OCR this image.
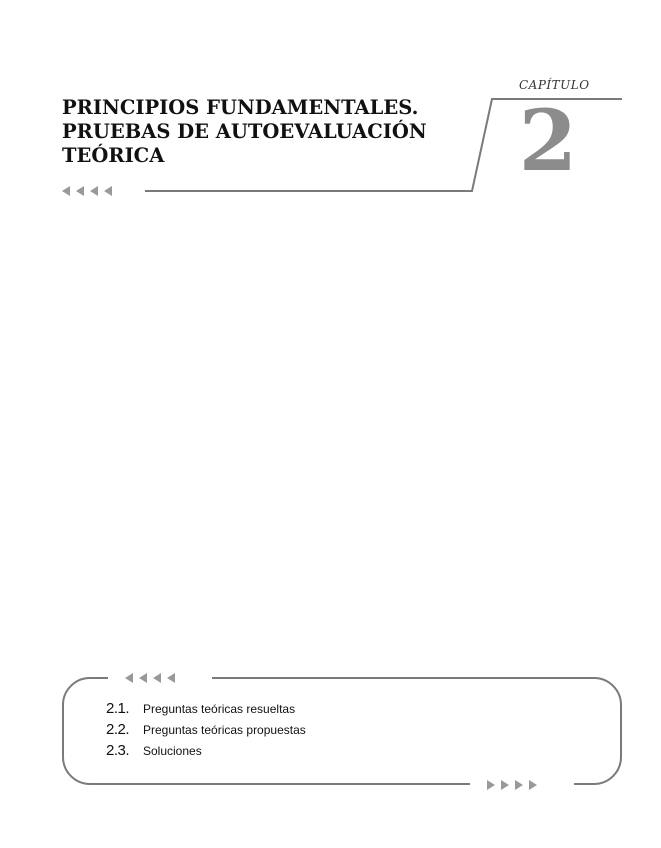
PRINCIPIOS FUNDAMENTALES.
PRUEBAS DE AUTOEVALUACIÓN
TEÓRICA
CAPÍTULO
2
2.1.	Preguntas teóricas resueltas
2.2.	Preguntas teóricas propuestas
2.3.	Soluciones
